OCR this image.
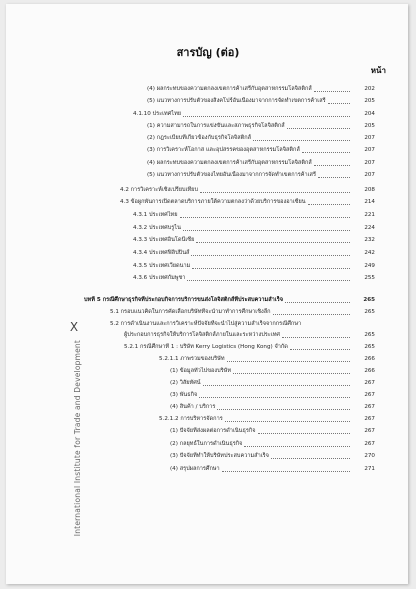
สารบัญ (ต่อ)
หน้า
(4) ผลกระทบของความตกลงเขตการค้าเสรีกับอุตสาหกรรมโลจิสติกส์	202
(5) แนวทางการปรับตัวของสิงคโปร์อันเนื่องมาจากการจัดทำเขตการค้าเสรี	205
4.1.10 ประเทศไทย	204
(1) ความสามารถในการแข่งขันและสภาพธุรกิจโลจิสติกส์	205
(2) กฎระเบียบที่เกี่ยวข้องกับธุรกิจโลจิสติกส์	207
(3) การวิเคราะห์โอกาส และอุปสรรคของอุตสาหกรรมโลจิสติกส์	207
(4) ผลกระทบของความตกลงเขตการค้าเสรีกับอุตสาหกรรมโลจิสติกส์	207
(5) แนวทางการปรับตัวของไทยอันเนื่องมาจากการจัดทำเขตการค้าเสรี	207
4.2 การวิเคราะห์เชิงเปรียบเทียบ	208
4.3 ข้อผูกพันการเปิดตลาดบริการภายใต้ความตกลงว่าด้วยบริการของอาเซียน	214
4.3.1 ประเทศไทย	221
4.3.2 ประเทศบรูไน	224
4.3.3 ประเทศอินโดนีเซีย	232
4.3.4 ประเทศฟิลิปปินส์	242
4.3.5 ประเทศเวียดนาม	249
4.3.6 ประเทศกัมพูชา	255
บทที่ 5 กรณีศึกษาธุรกิจที่ประกอบกิจการบริการขนส่งโลจิสติกส์ที่ประสบความสำเร็จ	265
5.1 กรอบแนวคิดในการคัดเลือกบริษัทที่จะนำมาทำการศึกษาเชิงลึก	265
5.2 การดำเนินงานและการวิเคราะห์ปัจจัยที่จะนำไปสู่ความสำเร็จจากกรณีศึกษา
ผู้ประกอบการธุรกิจให้บริการโลจิสติกส์ภายในและระหว่างประเทศ	265
5.2.1 กรณีศึกษาที่ 1 : บริษัท Kerry Logistics (Hong Kong) จำกัด	265
5.2.1.1 ภาพรวมของบริษัท	266
(1) ข้อมูลทั่วไปของบริษัท	266
(2) วิสัยทัศน์	267
(3) พันธกิจ	267
(4) สินค้า / บริการ	267
5.2.1.2 การบริหารจัดการ	267
(1) ปัจจัยที่ส่งผลต่อการดำเนินธุรกิจ	267
(2) กลยุทธ์ในการดำเนินธุรกิจ	267
(3) ปัจจัยที่ทำให้บริษัทประสบความสำเร็จ	270
(4) สรุปผลการศึกษา	271
X
International Institute for Trade and Development
